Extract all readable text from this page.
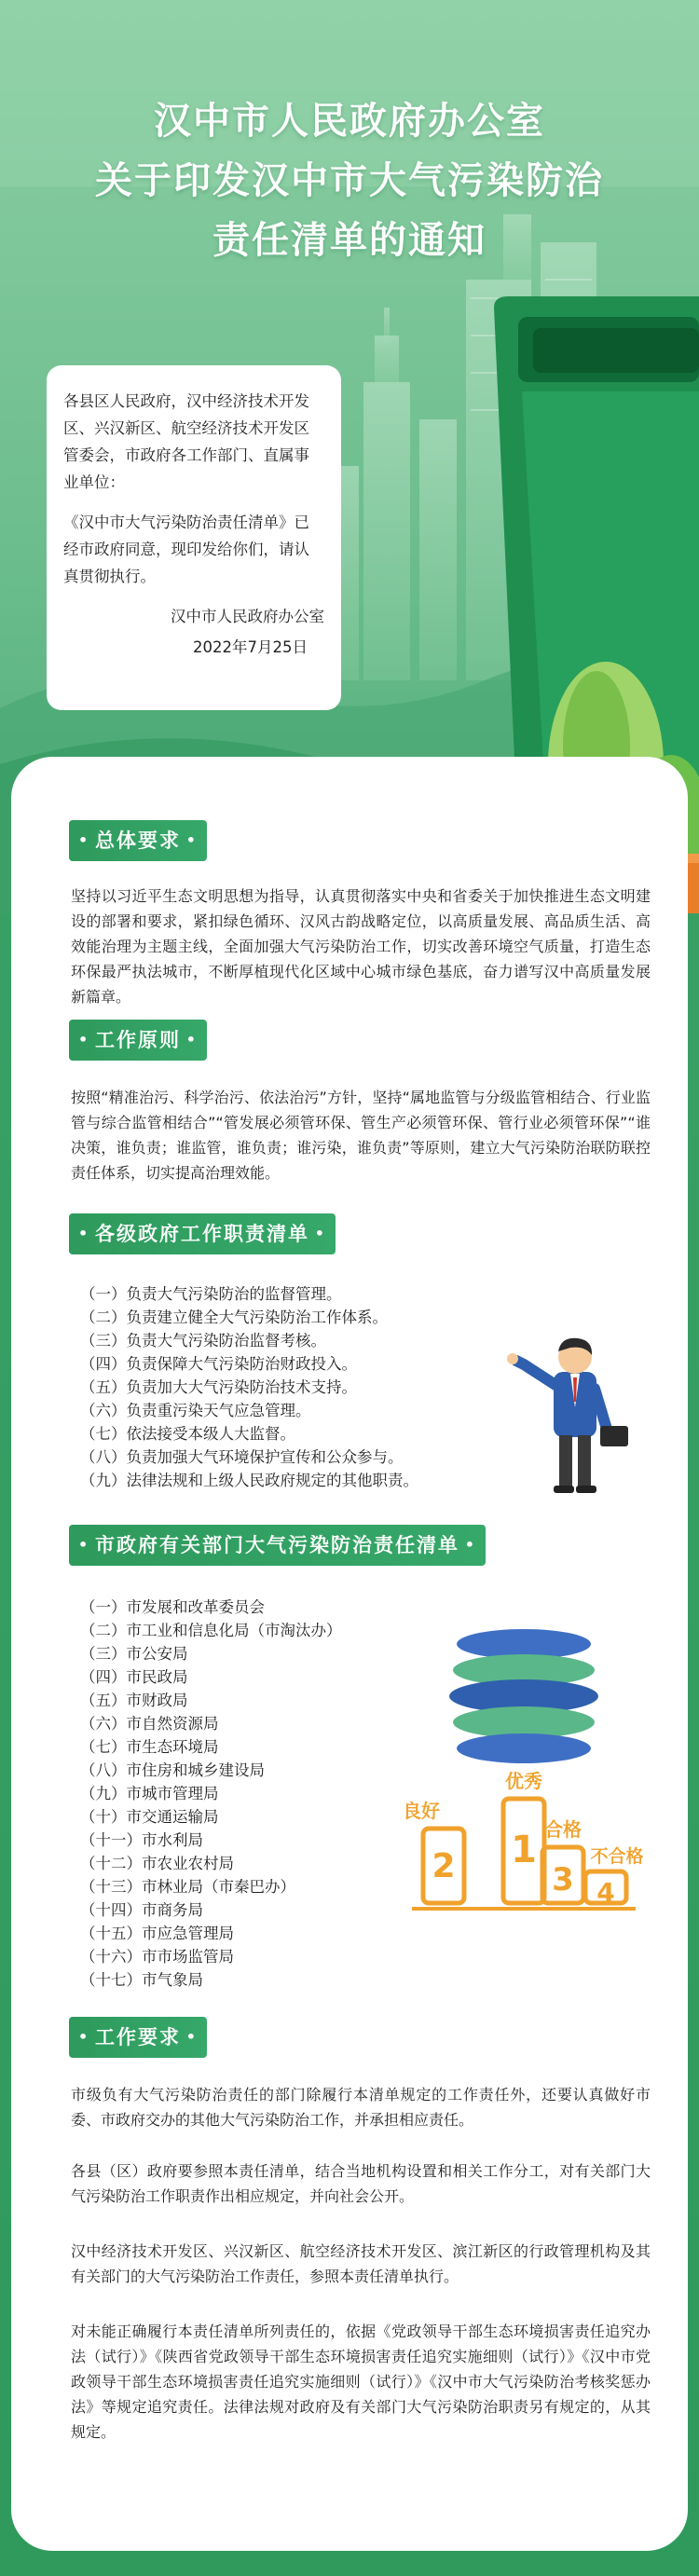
汉中市人民政府办公室
关于印发汉中市大气污染防治
责任清单的通知

各县区人民政府，汉中经济技术开发区、兴汉新区、航空经济技术开发区管委会，市政府各工作部门、直属事业单位：

《汉中市大气污染防治责任清单》已经市政府同意，现印发给你们，请认真贯彻执行。

汉中市人民政府办公室

2022年7月25日

• 总体要求 •
坚持以习近平生态文明思想为指导，认真贯彻落实中央和省委关于加快推进生态文明建设的部署和要求，紧扣绿色循环、汉风古韵战略定位，以高质量发展、高品质生活、高效能治理为主题主线，全面加强大气污染防治工作，切实改善环境空气质量，打造生态环保最严执法城市，不断厚植现代化区域中心城市绿色基底，奋力谱写汉中高质量发展新篇章。
• 工作原则 •
按照“精准治污、科学治污、依法治污”方针，坚持“属地监管与分级监管相结合、行业监管与综合监管相结合”“管发展必须管环保、管生产必须管环保、管行业必须管环保”“谁决策，谁负责；谁监管，谁负责；谁污染，谁负责”等原则，建立大气污染防治联防联控责任体系，切实提高治理效能。
• 各级政府工作职责清单 •
（一）负责大气污染防治的监督管理。
（二）负责建立健全大气污染防治工作体系。
（三）负责大气污染防治监督考核。
（四）负责保障大气污染防治财政投入。
（五）负责加大大气污染防治技术支持。
（六）负责重污染天气应急管理。
（七）依法接受本级人大监督。
（八）负责加强大气环境保护宣传和公众参与。
（九）法律法规和上级人民政府规定的其他职责。
• 市政府有关部门大气污染防治责任清单 •
（一）市发展和改革委员会
（二）市工业和信息化局（市淘汰办）
（三）市公安局
（四）市民政局
（五）市财政局
（六）市自然资源局
（七）市生态环境局
（八）市住房和城乡建设局
（九）市城市管理局
（十）市交通运输局
（十一）市水利局
（十二）市农业农村局
（十三）市林业局（市秦巴办）
（十四）市商务局
（十五）市应急管理局
（十六）市市场监管局
（十七）市气象局
优秀
良好
合格
不合格
1
2	3 4
• 工作要求 •
市级负有大气污染防治责任的部门除履行本清单规定的工作责任外，还要认真做好市委、市政府交办的其他大气污染防治工作，并承担相应责任。
各县（区）政府要参照本责任清单，结合当地机构设置和相关工作分工，对有关部门大气污染防治工作职责作出相应规定，并向社会公开。
汉中经济技术开发区、兴汉新区、航空经济技术开发区、滨江新区的行政管理机构及其有关部门的大气污染防治工作责任，参照本责任清单执行。
对未能正确履行本责任清单所列责任的，依据《党政领导干部生态环境损害责任追究办法（试行）》《陕西省党政领导干部生态环境损害责任追究实施细则（试行）》《汉中市党政领导干部生态环境损害责任追究实施细则（试行）》《汉中市大气污染防治考核奖惩办法》等规定追究责任。法律法规对政府及有关部门大气污染防治职责另有规定的，从其规定。
